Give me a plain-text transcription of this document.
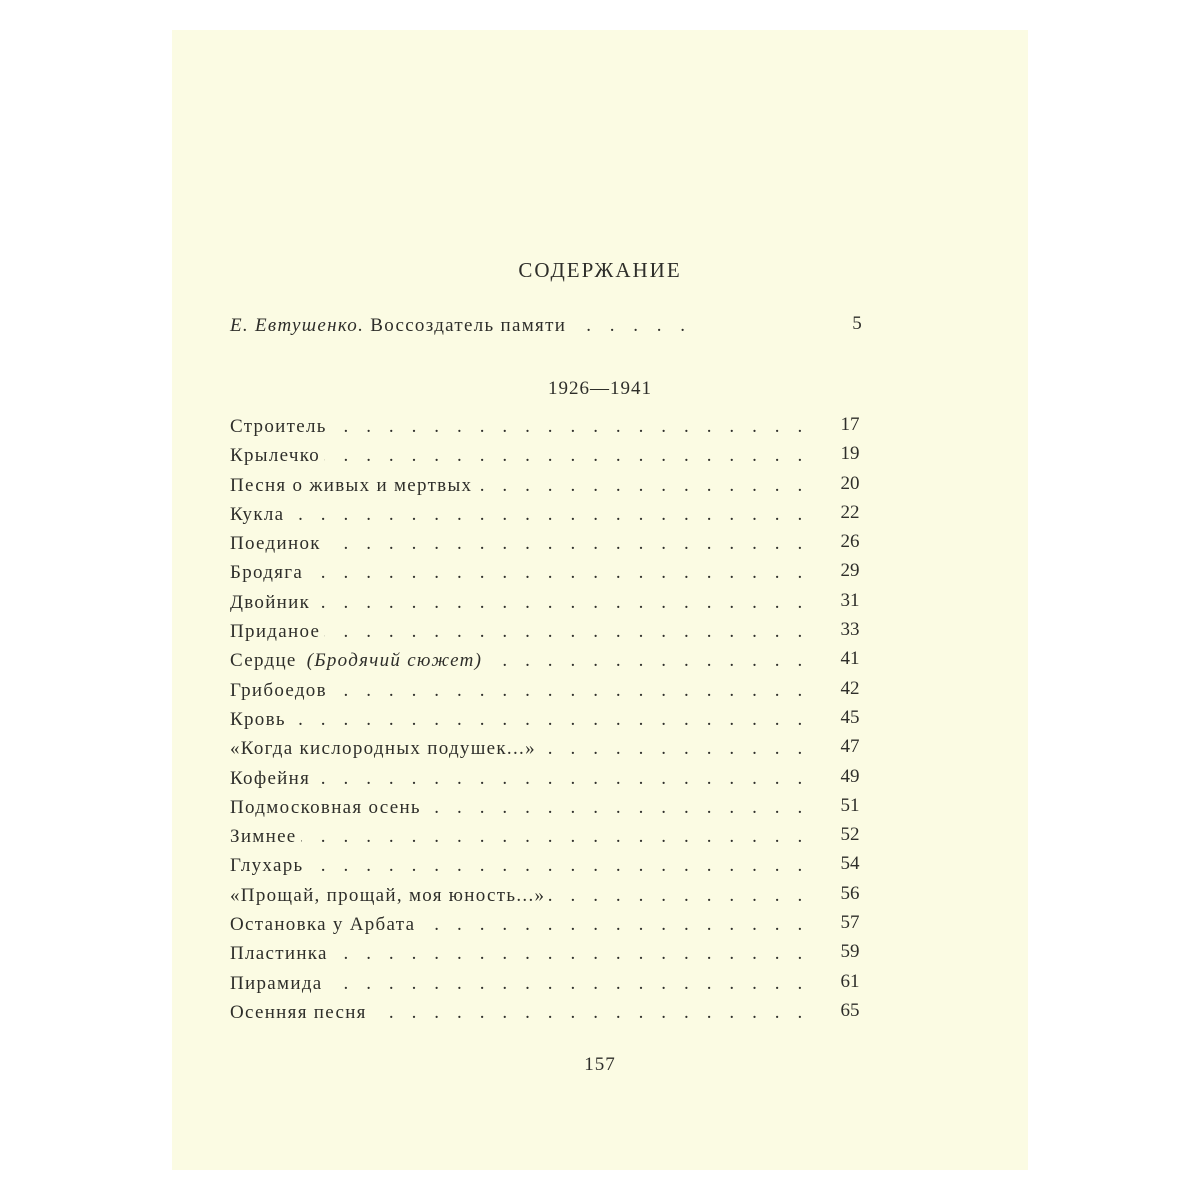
СОДЕРЖАНИЕ
Е. Евтушенко. Воссоздатель памяти . . . . .	5
1926—1941
. . .
Строитель	17
. . .
Крылечко	19
. . .
Песня о живых и мертвых	20
. . .
Кукла	22
. . .
Поединок	26
. . .
Бродяга	29
. . .
Двойник	31
. . .
Приданое	33
. . .
Сердце (Бродячий сюжет)	41
. . .
Грибоедов	42
. . .
Кровь	45
. . .
«Когда кислородных подушек...»	47
. . .
Кофейня	49
. . .
Подмосковная осень	51
. . .
Зимнее	52
. . .
Глухарь	54
. . .
«Прощай, прощай, моя юность...»	56
. . .
Остановка у Арбата	57
. . .
Пластинка	59
. . .
Пирамида	61
. . .
Осенняя песня	65
157
